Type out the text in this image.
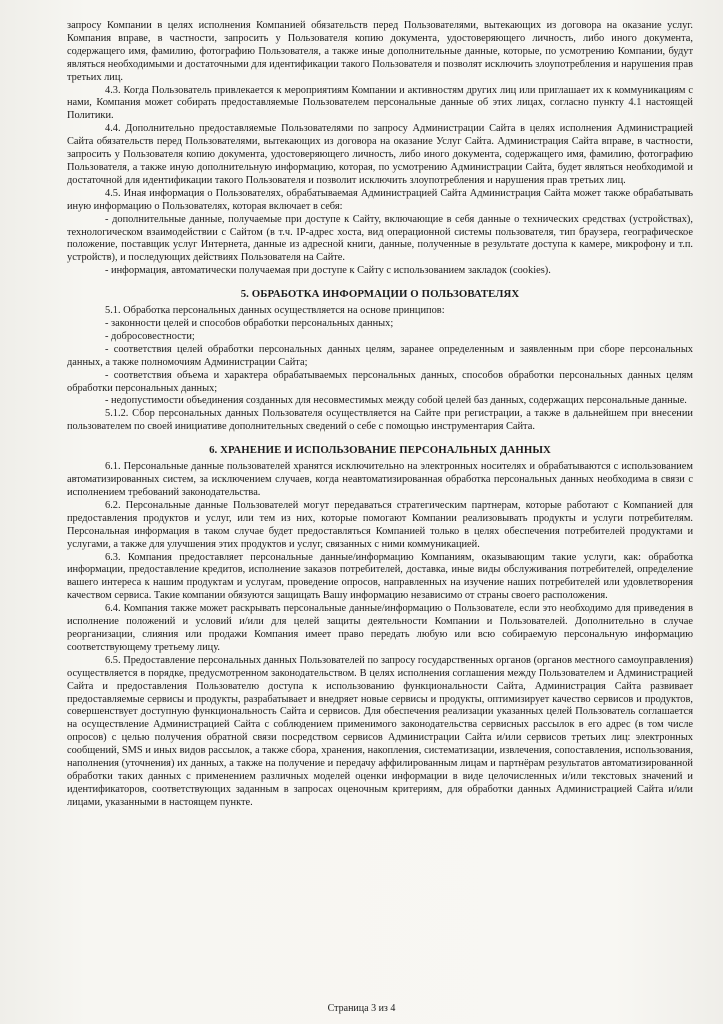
запросу Компании в целях исполнения Компанией обязательств перед Пользователями, вытекающих из договора на оказание услуг. Компания вправе, в частности, запросить у Пользователя копию документа, удостоверяющего личность, либо иного документа, содержащего имя, фамилию, фотографию Пользователя, а также иные дополнительные данные, которые, по усмотрению Компании, будут являться необходимыми и достаточными для идентификации такого Пользователя и позволят исключить злоупотребления и нарушения прав третьих лиц.

4.3. Когда Пользователь привлекается к мероприятиям Компании и активностям других лиц или приглашает их к коммуникациям с нами, Компания может собирать предоставляемые Пользователем персональные данные об этих лицах, согласно пункту 4.1 настоящей Политики.

4.4. Дополнительно предоставляемые Пользователями по запросу Администрации Сайта в целях исполнения Администрацией Сайта обязательств перед Пользователями, вытекающих из договора на оказание Услуг Сайта. Администрация Сайта вправе, в частности, запросить у Пользователя копию документа, удостоверяющего личность, либо иного документа, содержащего имя, фамилию, фотографию Пользователя, а также иную дополнительную информацию, которая, по усмотрению Администрации Сайта, будет являться необходимой и достаточной для идентификации такого Пользователя и позволит исключить злоупотребления и нарушения прав третьих лиц.

4.5. Иная информация о Пользователях, обрабатываемая Администрацией Сайта Администрация Сайта может также обрабатывать иную информацию о Пользователях, которая включает в себя:

- дополнительные данные, получаемые при доступе к Сайту, включающие в себя данные о технических средствах (устройствах), технологическом взаимодействии с Сайтом (в т.ч. IP-адрес хоста, вид операционной системы пользователя, тип браузера, географическое положение, поставщик услуг Интернета, данные из адресной книги, данные, полученные в результате доступа к камере, микрофону и т.п. устройств), и последующих действиях Пользователя на Сайте.

- информация, автоматически получаемая при доступе к Сайту с использованием закладок (cookies).

5. ОБРАБОТКА ИНФОРМАЦИИ О ПОЛЬЗОВАТЕЛЯХ

5.1. Обработка персональных данных осуществляется на основе принципов:

- законности целей и способов обработки персональных данных;

- добросовестности;

- соответствия целей обработки персональных данных целям, заранее определенным и заявленным при сборе персональных данных, а также полномочиям Администрации Сайта;

- соответствия объема и характера обрабатываемых персональных данных, способов обработки персональных данных целям обработки персональных данных;

- недопустимости объединения созданных для несовместимых между собой целей баз данных, содержащих персональные данные.

5.1.2. Сбор персональных данных Пользователя осуществляется на Сайте при регистрации, а также в дальнейшем при внесении пользователем по своей инициативе дополнительных сведений о себе с помощью инструментария Сайта.

6. ХРАНЕНИЕ И ИСПОЛЬЗОВАНИЕ ПЕРСОНАЛЬНЫХ ДАННЫХ

6.1. Персональные данные пользователей хранятся исключительно на электронных носителях и обрабатываются с использованием автоматизированных систем, за исключением случаев, когда неавтоматизированная обработка персональных данных необходима в связи с исполнением требований законодательства.

6.2. Персональные данные Пользователей могут передаваться стратегическим партнерам, которые работают с Компанией для предоставления продуктов и услуг, или тем из них, которые помогают Компании реализовывать продукты и услуги потребителям. Персональная информация в таком случае будет предоставляться Компанией только в целях обеспечения потребителей продуктами и услугами, а также для улучшения этих продуктов и услуг, связанных с ними коммуникацией.

6.3. Компания предоставляет персональные данные/информацию Компаниям, оказывающим такие услуги, как: обработка информации, предоставление кредитов, исполнение заказов потребителей, доставка, иные виды обслуживания потребителей, определение вашего интереса к нашим продуктам и услугам, проведение опросов, направленных на изучение наших потребителей или удовлетворения качеством сервиса. Такие компании обязуются защищать Вашу информацию независимо от страны своего расположения.

6.4. Компания также может раскрывать персональные данные/информацию о Пользователе, если это необходимо для приведения в исполнение положений и условий и/или для целей защиты деятельности Компании и Пользователей. Дополнительно в случае реорганизации, слияния или продажи Компания имеет право передать любую или всю собираемую персональную информацию соответствующему третьему лицу.

6.5. Предоставление персональных данных Пользователей по запросу государственных органов (органов местного самоуправления) осуществляется в порядке, предусмотренном законодательством. В целях исполнения соглашения между Пользователем и Администрацией Сайта и предоставления Пользователю доступа к использованию функциональности Сайта, Администрация Сайта развивает предоставляемые сервисы и продукты, разрабатывает и внедряет новые сервисы и продукты, оптимизирует качество сервисов и продуктов, совершенствует доступную функциональность Сайта и сервисов. Для обеспечения реализации указанных целей Пользователь соглашается на осуществление Администрацией Сайта с соблюдением применимого законодательства сервисных рассылок в его адрес (в том числе опросов) с целью получения обратной связи посредством сервисов Администрации Сайта и/или сервисов третьих лиц: электронных сообщений, SMS и иных видов рассылок, а также сбора, хранения, накопления, систематизации, извлечения, сопоставления, использования, наполнения (уточнения) их данных, а также на получение и передачу аффилированным лицам и партнёрам результатов автоматизированной обработки таких данных с применением различных моделей оценки информации в виде целочисленных и/или текстовых значений и идентификаторов, соответствующих заданным в запросах оценочным критериям, для обработки данных Администрацией Сайта и/или лицами, указанными в настоящем пункте.

Страница 3 из 4
